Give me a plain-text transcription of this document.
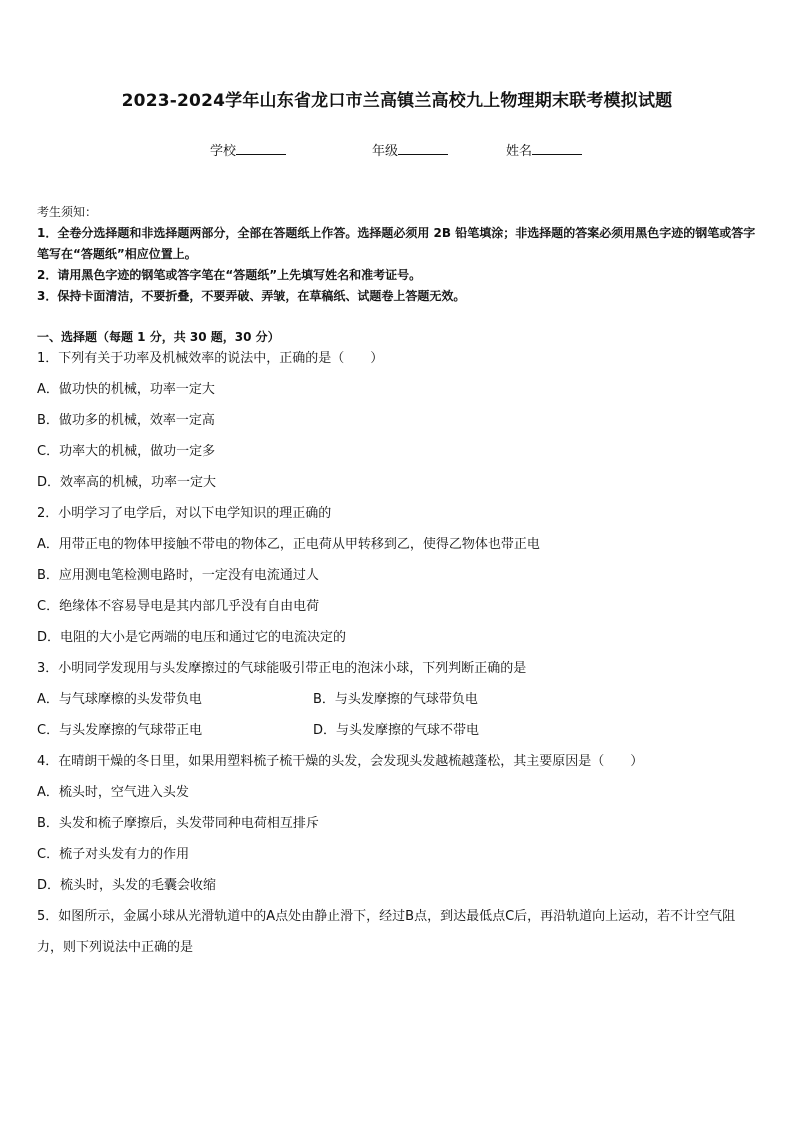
2023-2024学年山东省龙口市兰高镇兰高校九上物理期末联考模拟试题
学校	年级	姓名
考生须知：
1．全卷分选择题和非选择题两部分，全部在答题纸上作答。选择题必须用 2B 铅笔填涂；非选择题的答案必须用黑色字迹的钢笔或答字笔写在“答题纸”相应位置上。
2．请用黑色字迹的钢笔或答字笔在“答题纸”上先填写姓名和准考证号。
3．保持卡面清洁，不要折叠，不要弄破、弄皱，在草稿纸、试题卷上答题无效。
一、选择题（每题 1 分，共 30 题，30 分）
1．下列有关于功率及机械效率的说法中，正确的是（　　）
A．做功快的机械，功率一定大
B．做功多的机械，效率一定高
C．功率大的机械，做功一定多
D．效率高的机械，功率一定大
2．小明学习了电学后，对以下电学知识的理正确的
A．用带正电的物体甲接触不带电的物体乙，正电荷从甲转移到乙，使得乙物体也带正电
B．应用测电笔检测电路时，一定没有电流通过人
C．绝缘体不容易导电是其内部几乎没有自由电荷
D．电阻的大小是它两端的电压和通过它的电流决定的
3．小明同学发现用与头发摩擦过的气球能吸引带正电的泡沫小球，下列判断正确的是
A．与气球摩檫的头发带负电	B．与头发摩擦的气球带负电
C．与头发摩擦的气球带正电	D．与头发摩擦的气球不带电
4．在晴朗干燥的冬日里，如果用塑料梳子梳干燥的头发，会发现头发越梳越蓬松，其主要原因是（　　）
A．梳头时，空气进入头发
B．头发和梳子摩擦后，头发带同种电荷相互排斥
C．梳子对头发有力的作用
D．梳头时，头发的毛囊会收缩
5．如图所示，金属小球从光滑轨道中的A点处由静止滑下，经过B点，到达最低点C后，再沿轨道向上运动，若不计空气阻力，则下列说法中正确的是
